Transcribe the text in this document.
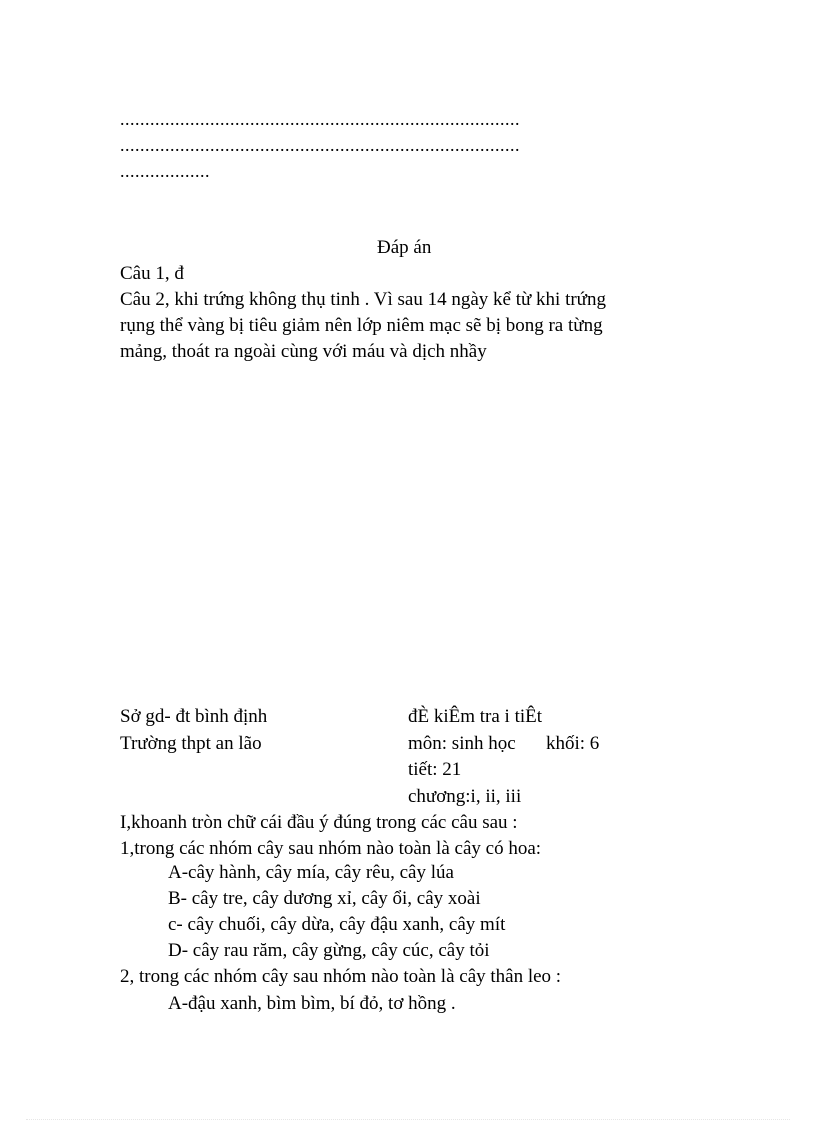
................................................................................
................................................................................
..................
Đáp án
Câu 1, đ
Câu 2, khi trứng không thụ tinh . Vì sau 14 ngày kể từ khi trứng
rụng thể vàng bị tiêu giảm nên lớp niêm mạc sẽ bị bong ra từng
mảng, thoát ra ngoài cùng với máu và dịch nhầy
Sở gd- đt bình định	đÈ kiÊm tra i tiÊt
Trường thpt an lão	môn: sinh học khối: 6
tiết: 21
chương:i, ii, iii
I,khoanh tròn chữ cái đầu ý đúng trong các câu sau :
1,trong các nhóm cây sau nhóm nào toàn là cây có hoa:
A-cây hành, cây mía, cây rêu, cây lúa
B- cây tre, cây dương xỉ, cây ổi, cây xoài
c- cây chuối, cây dừa, cây đậu xanh, cây mít
D- cây rau răm, cây gừng, cây cúc, cây tỏi
2, trong các nhóm cây sau nhóm nào toàn là cây thân leo :
A-đậu xanh, bìm bìm, bí đỏ, tơ hồng .
